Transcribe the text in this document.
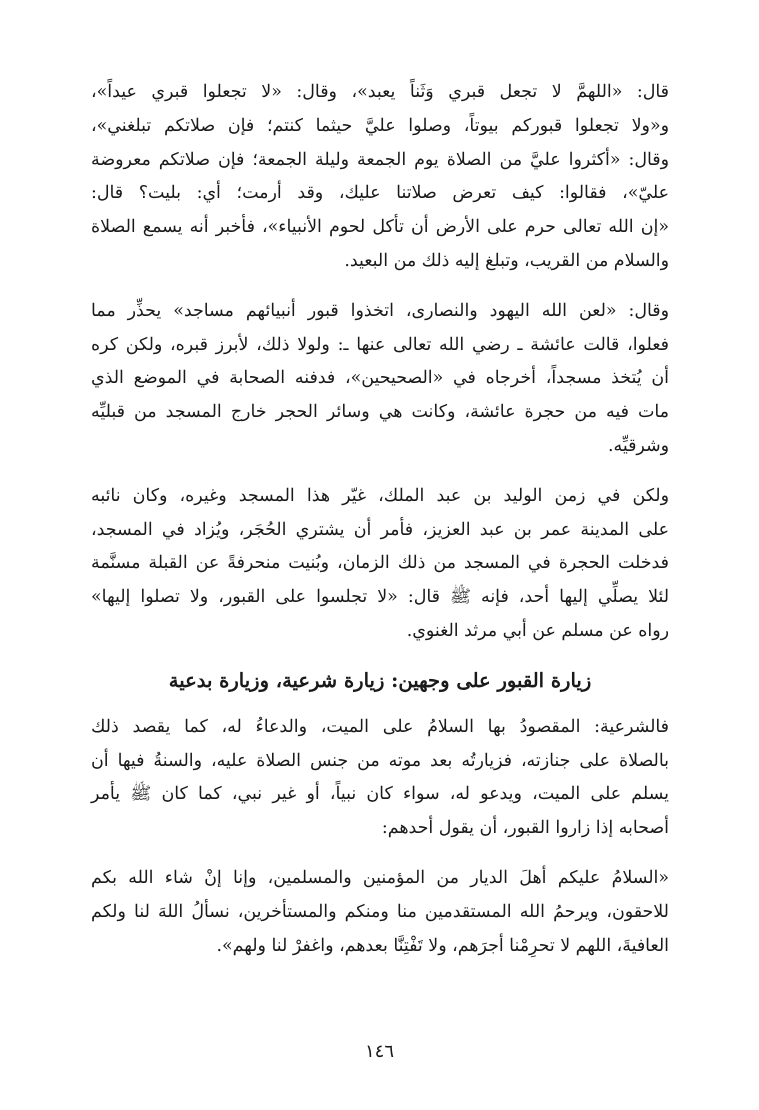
قال: «اللهمَّ لا تجعل قبري وَثَناً يعبد»، وقال: «لا تجعلوا قبري عيداً»،
و«ولا تجعلوا قبوركم بيوتاً، وصلوا عليَّ حيثما كنتم؛ فإن صلاتكم تبلغني»،
وقال: «أكثروا عليَّ من الصلاة يوم الجمعة وليلة الجمعة؛ فإن صلاتكم معروضة
عليّ»، فقالوا: كيف تعرض صلاتنا عليك، وقد أرمت؛ أي: بليت؟ قال:
«إن الله تعالى حرم على الأرض أن تأكل لحوم الأنبياء»، فأخبر أنه يسمع الصلاة
والسلام من القريب، وتبلغ إليه ذلك من البعيد.

وقال: «لعن الله اليهود والنصارى، اتخذوا قبور أنبيائهم مساجد» يحذِّر مما
فعلوا، قالت عائشة ـ رضي الله تعالى عنها ـ: ولولا ذلك، لأبرز قبره، ولكن كره
أن يُتخذ مسجداً، أخرجاه في «الصحيحين»، فدفنه الصحابة في الموضع الذي
مات فيه من حجرة عائشة، وكانت هي وسائر الحجر خارج المسجد من قبليِّه
وشرقيِّه.

ولكن في زمن الوليد بن عبد الملك، غيّر هذا المسجد وغيره، وكان نائبه
على المدينة عمر بن عبد العزيز، فأمر أن يشتري الحُجَر، ويُزاد في المسجد،
فدخلت الحجرة في المسجد من ذلك الزمان، وبُنيت منحرفةً عن القبلة مسنَّمة
لئلا يصلِّي إليها أحد، فإنه ﷺ قال: «لا تجلسوا على القبور، ولا تصلوا إليها»
رواه عن مسلم عن أبي مرثد الغنوي.

زيارة القبور على وجهين: زيارة شرعية، وزيارة بدعية

فالشرعية: المقصودُ بها السلامُ على الميت، والدعاءُ له، كما يقصد ذلك
بالصلاة على جنازته، فزيارتُه بعد موته من جنس الصلاة عليه، والسنةُ فيها أن
يسلم على الميت، ويدعو له، سواء كان نبياً، أو غير نبي، كما كان ﷺ يأمر
أصحابه إذا زاروا القبور، أن يقول أحدهم:

«السلامُ عليكم أهلَ الديار من المؤمنين والمسلمين، وإنا إنْ شاء الله بكم
للاحقون، ويرحمُ الله المستقدمين منا ومنكم والمستأخرين، نسألُ اللهَ لنا ولكم
العافيةَ، اللهم لا تحرِمْنا أجرَهم، ولا تَفْتِنَّا بعدهم، واغفرْ لنا ولهم».

١٤٦
